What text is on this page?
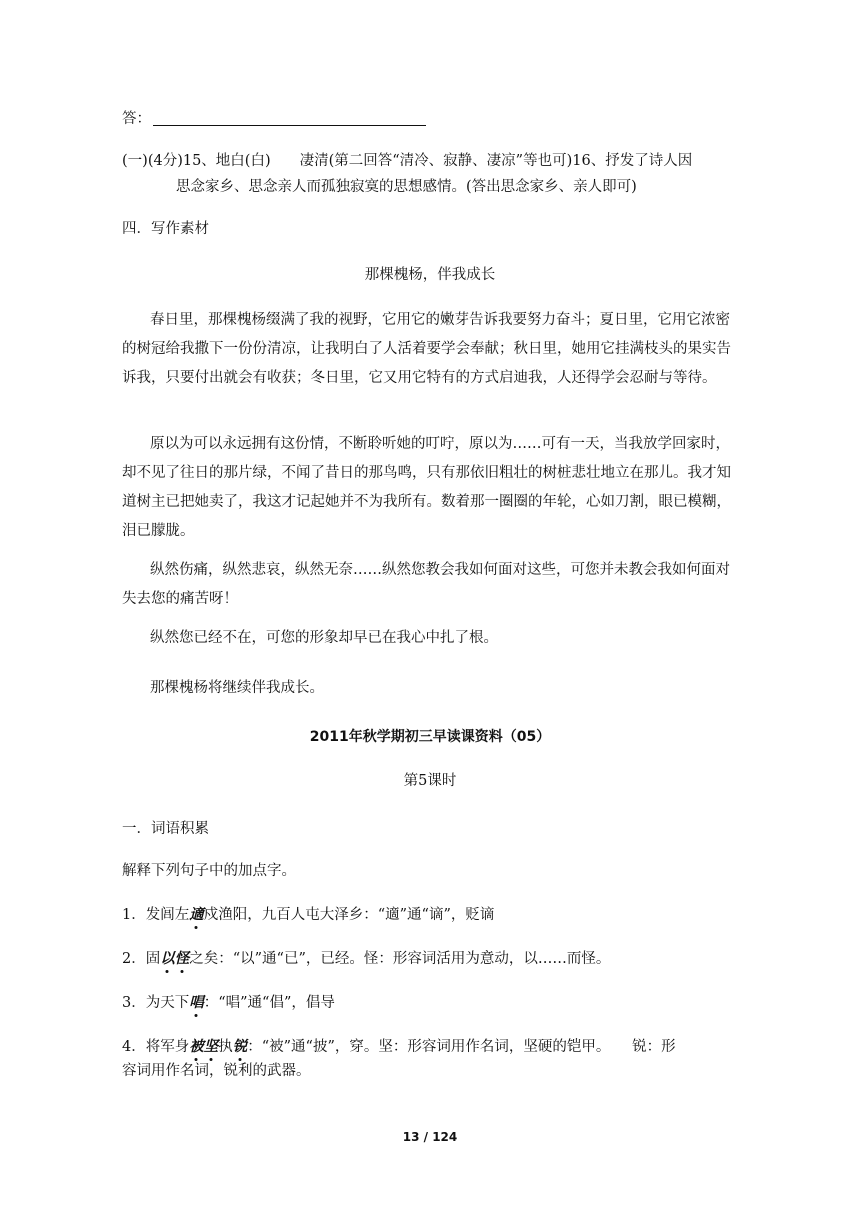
答：
(一)(4分)15、地白(白)　　凄清(第二回答“清冷、寂静、凄凉”等也可)16、抒发了诗人因
思念家乡、思念亲人而孤独寂寞的思想感情。(答出思念家乡、亲人即可)
四．写作素材
那棵槐杨，伴我成长
春日里，那棵槐杨缀满了我的视野，它用它的嫩芽告诉我要努力奋斗；夏日里，它用它浓密的树冠给我撒下一份份清凉，让我明白了人活着要学会奉献；秋日里，她用它挂满枝头的果实告诉我，只要付出就会有收获；冬日里，它又用它特有的方式启迪我，人还得学会忍耐与等待。
原以为可以永远拥有这份情，不断聆听她的叮咛，原以为……可有一天，当我放学回家时，却不见了往日的那片绿，不闻了昔日的那鸟鸣，只有那依旧粗壮的树桩悲壮地立在那儿。我才知道树主已把她卖了，我这才记起她并不为我所有。数着那一圈圈的年轮，心如刀割，眼已模糊，泪已朦胧。
纵然伤痛，纵然悲哀，纵然无奈……纵然您教会我如何面对这些，可您并未教会我如何面对失去您的痛苦呀！
纵然您已经不在，可您的形象却早已在我心中扎了根。
那棵槐杨将继续伴我成长。
2011年秋学期初三早读课资料（05）
第5课时
一．词语积累
解释下列句子中的加点字。
1．发闾左適
戍渔阳，九百人屯大泽乡：“適”通“谪”，贬谪
2．固以
怪
之矣：“以”通“已”，已经。怪：形容词活用为意动，以……而怪。
3．为天下唱
：“唱”通“倡”，倡导
4．将军身被
坚
执锐
：“被”通“披”，穿。坚：形容词用作名词，坚硬的铠甲。　　锐：形
容词用作名词，锐利的武器。
13 / 124
